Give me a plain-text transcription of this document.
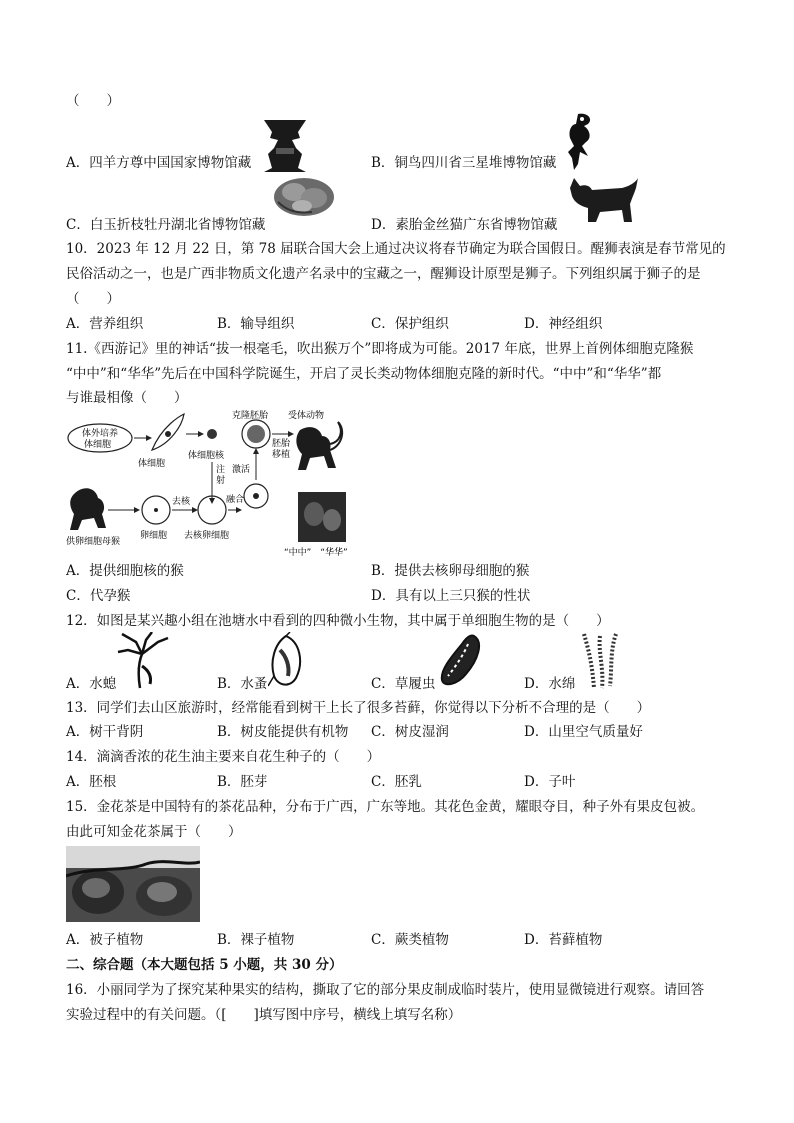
（　　）
A．四羊方尊中国国家博物馆藏	B．铜鸟四川省三星堆博物馆藏
C．白玉折枝牡丹湖北省博物馆藏	D．素胎金丝猫广东省博物馆藏
10．2023 年 12 月 22 日，第 78 届联合国大会上通过决议将春节确定为联合国假日。醒狮表演是春节常见的
民俗活动之一，也是广西非物质文化遗产名录中的宝藏之一，醒狮设计原型是狮子。下列组织属于狮子的是
（　　）
A．营养组织	B．输导组织	C．保护组织	D．神经组织
11.《西游记》里的神话“拔一根毫毛，吹出猴万个”即将成为可能。2017 年底，世界上首例体细胞克隆猴
“中中”和“华华”先后在中国科学院诞生，开启了灵长类动物体细胞克隆的新时代。“中中”和“华华”都
与谁最相像（　　）
体外培养
体细胞
体细胞
体细胞核
注
射
克隆胚胎
激活
受体动物
胚胎
移植
供卵细胞母猴
卵细胞
去核
去核卵细胞
融合
“中中”　“华华”
A．提供细胞核的猴	B．提供去核卵母细胞的猴
C．代孕猴	D．具有以上三只猴的性状
12．如图是某兴趣小组在池塘水中看到的四种微小生物，其中属于单细胞生物的是（　　）
A．水螅	B．水蚤	C．草履虫	D．水绵
13．同学们去山区旅游时，经常能看到树干上长了很多苔藓，你觉得以下分析不合理的是（　　）
A．树干背阴	B．树皮能提供有机物 C．树皮湿润	D．山里空气质量好
14．滴滴香浓的花生油主要来自花生种子的（　　）
A．胚根	B．胚芽	C．胚乳	D．子叶
15．金花茶是中国特有的茶花品种，分布于广西，广东等地。其花色金黄，耀眼夺目，种子外有果皮包被。
由此可知金花茶属于（　　）
A．被子植物	B．裸子植物	C．蕨类植物	D．苔藓植物
二、综合题（本大题包括 5 小题，共 30 分）
16．小丽同学为了探究某种果实的结构，撕取了它的部分果皮制成临时装片，使用显微镜进行观察。请回答
实验过程中的有关问题。（[　　]填写图中序号，横线上填写名称）
